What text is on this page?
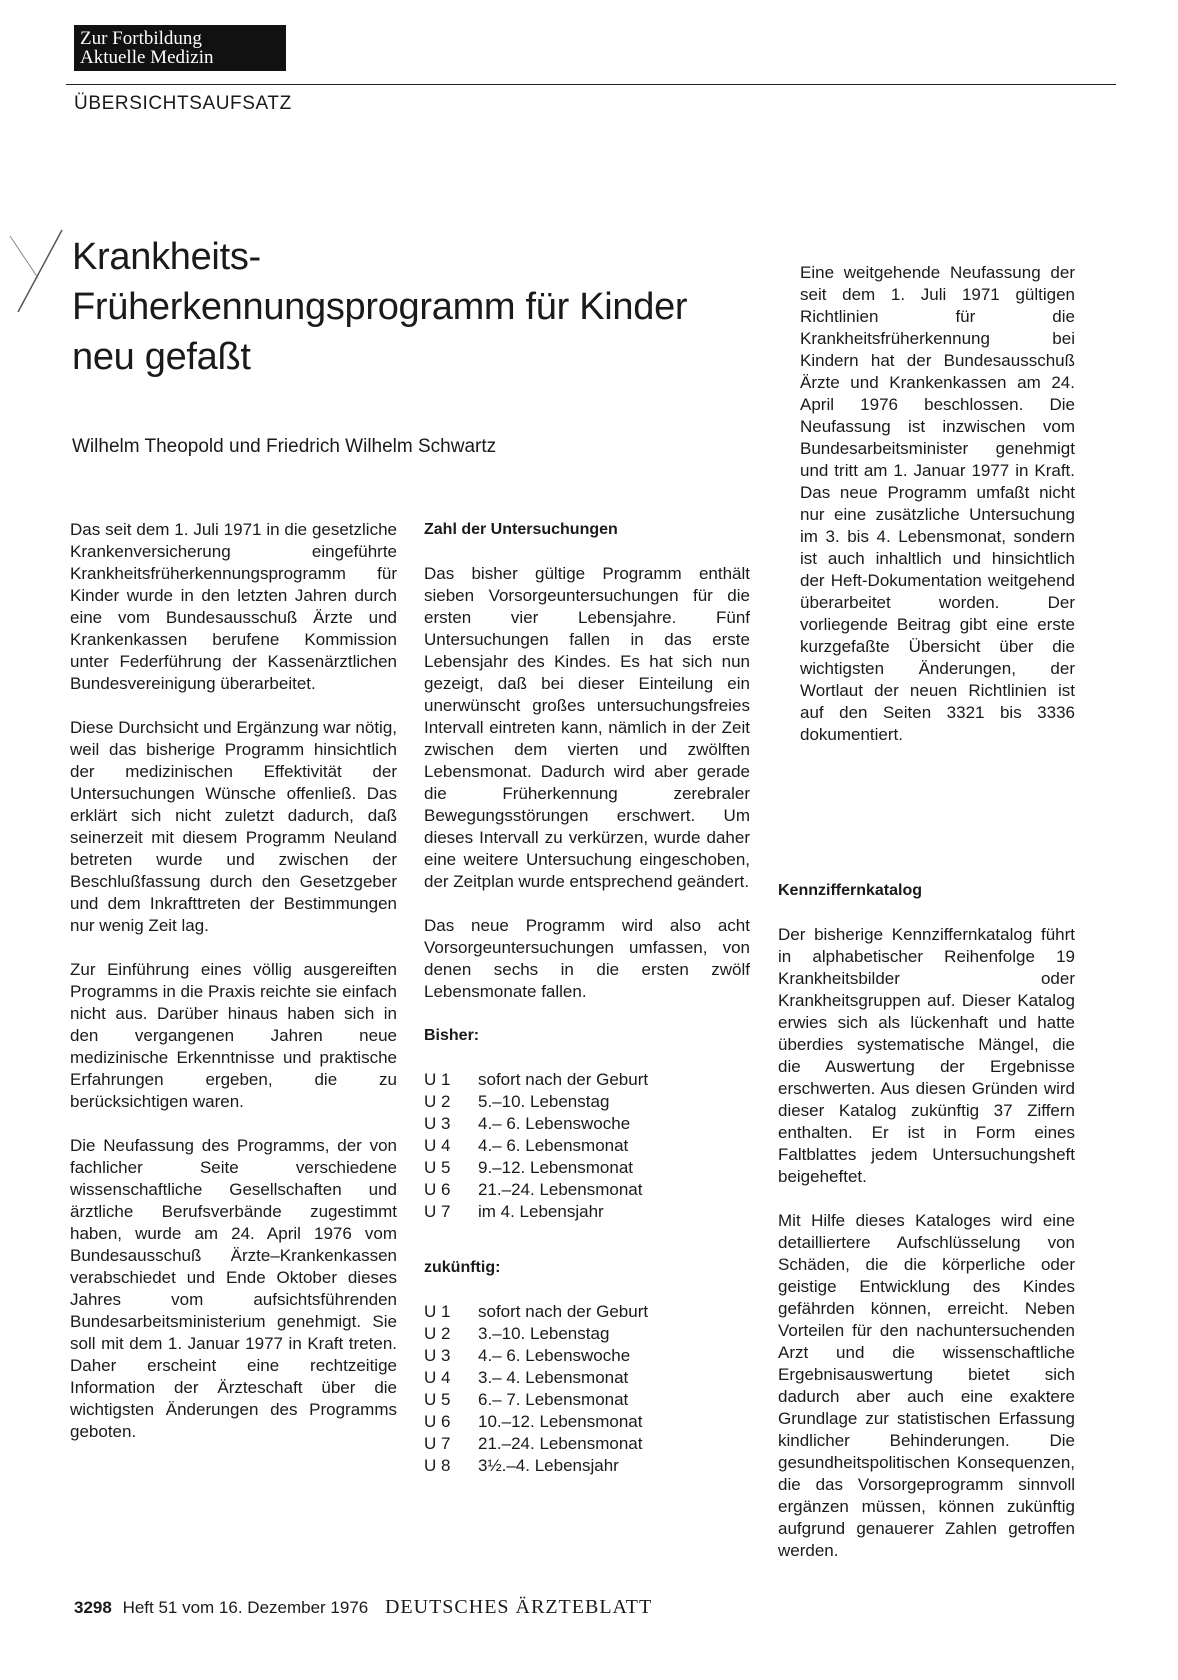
Zur Fortbildung
Aktuelle Medizin
ÜBERSICHTSAUFSATZ
Krankheits-
Früherkennungsprogramm für Kinder
neu gefaßt
Wilhelm Theopold und Friedrich Wilhelm Schwartz

Das seit dem 1. Juli 1971 in die gesetzliche Krankenversicherung eingeführte Krankheitsfrüherkennungsprogramm für Kinder wurde in den letzten Jahren durch eine vom Bundesausschuß Ärzte und Krankenkassen berufene Kommission unter Federführung der Kassenärztlichen Bundesvereinigung überarbeitet.

Diese Durchsicht und Ergänzung war nötig, weil das bisherige Programm hinsichtlich der medizinischen Effektivität der Untersuchungen Wünsche offenließ. Das erklärt sich nicht zuletzt dadurch, daß seinerzeit mit diesem Programm Neuland betreten wurde und zwischen der Beschlußfassung durch den Gesetzgeber und dem Inkrafttreten der Bestimmungen nur wenig Zeit lag.

Zur Einführung eines völlig ausgereiften Programms in die Praxis reichte sie einfach nicht aus. Darüber hinaus haben sich in den vergangenen Jahren neue medizinische Erkenntnisse und praktische Erfahrungen ergeben, die zu berücksichtigen waren.

Die Neufassung des Programms, der von fachlicher Seite verschiedene wissenschaftliche Gesellschaften und ärztliche Berufsverbände zugestimmt haben, wurde am 24. April 1976 vom Bundesausschuß Ärzte–Krankenkassen verabschiedet und Ende Oktober dieses Jahres vom aufsichtsführenden Bundesarbeitsministerium genehmigt. Sie soll mit dem 1. Januar 1977 in Kraft treten. Daher erscheint eine rechtzeitige Information der Ärzteschaft über die wichtigsten Änderungen des Programms geboten.

Zahl der Untersuchungen

Das bisher gültige Programm enthält sieben Vorsorgeuntersuchungen für die ersten vier Lebensjahre. Fünf Untersuchungen fallen in das erste Lebensjahr des Kindes. Es hat sich nun gezeigt, daß bei dieser Einteilung ein unerwünscht großes untersuchungsfreies Intervall eintreten kann, nämlich in der Zeit zwischen dem vierten und zwölften Lebensmonat. Dadurch wird aber gerade die Früherkennung zerebraler Bewegungsstörungen erschwert. Um dieses Intervall zu verkürzen, wurde daher eine weitere Untersuchung eingeschoben, der Zeitplan wurde entsprechend geändert.

Das neue Programm wird also acht Vorsorgeuntersuchungen umfassen, von denen sechs in die ersten zwölf Lebensmonate fallen.

Bisher:
U 1	sofort nach der Geburt
U 2	5.–10. Lebenstag
U 3	4.– 6. Lebenswoche
U 4	4.– 6. Lebensmonat
U 5	9.–12. Lebensmonat
U 6	21.–24. Lebensmonat
U 7	im 4. Lebensjahr
zukünftig:
U 1	sofort nach der Geburt
U 2	3.–10. Lebenstag
U 3	4.– 6. Lebenswoche
U 4	3.– 4. Lebensmonat
U 5	6.– 7. Lebensmonat
U 6	10.–12. Lebensmonat
U 7	21.–24. Lebensmonat
U 8	3½.–4. Lebensjahr

Eine weitgehende Neufassung der seit dem 1. Juli 1971 gültigen Richtlinien für die Krankheitsfrüherkennung bei Kindern hat der Bundesausschuß Ärzte und Krankenkassen am 24. April 1976 beschlossen. Die Neufassung ist inzwischen vom Bundesarbeitsminister genehmigt und tritt am 1. Januar 1977 in Kraft. Das neue Programm umfaßt nicht nur eine zusätzliche Untersuchung im 3. bis 4. Lebensmonat, sondern ist auch inhaltlich und hinsichtlich der Heft-Dokumentation weitgehend überarbeitet worden. Der vorliegende Beitrag gibt eine erste kurzgefaßte Übersicht über die wichtigsten Änderungen, der Wortlaut der neuen Richtlinien ist auf den Seiten 3321 bis 3336 dokumentiert.

Kennziffernkatalog

Der bisherige Kennziffernkatalog führt in alphabetischer Reihenfolge 19 Krankheitsbilder oder Krankheitsgruppen auf. Dieser Katalog erwies sich als lückenhaft und hatte überdies systematische Mängel, die die Auswertung der Ergebnisse erschwerten. Aus diesen Gründen wird dieser Katalog zukünftig 37 Ziffern enthalten. Er ist in Form eines Faltblattes jedem Untersuchungsheft beigeheftet.

Mit Hilfe dieses Kataloges wird eine detailliertere Aufschlüsselung von Schäden, die die körperliche oder geistige Entwicklung des Kindes gefährden können, erreicht. Neben Vorteilen für den nachuntersuchenden Arzt und die wissenschaftliche Ergebnisauswertung bietet sich dadurch aber auch eine exaktere Grundlage zur statistischen Erfassung kindlicher Behinderungen. Die gesundheitspolitischen Konsequenzen, die das Vorsorgeprogramm sinnvoll ergänzen müssen, können zukünftig aufgrund genauerer Zahlen getroffen werden.

3298 Heft 51 vom 16. Dezember 1976 DEUTSCHES ÄRZTEBLATT
